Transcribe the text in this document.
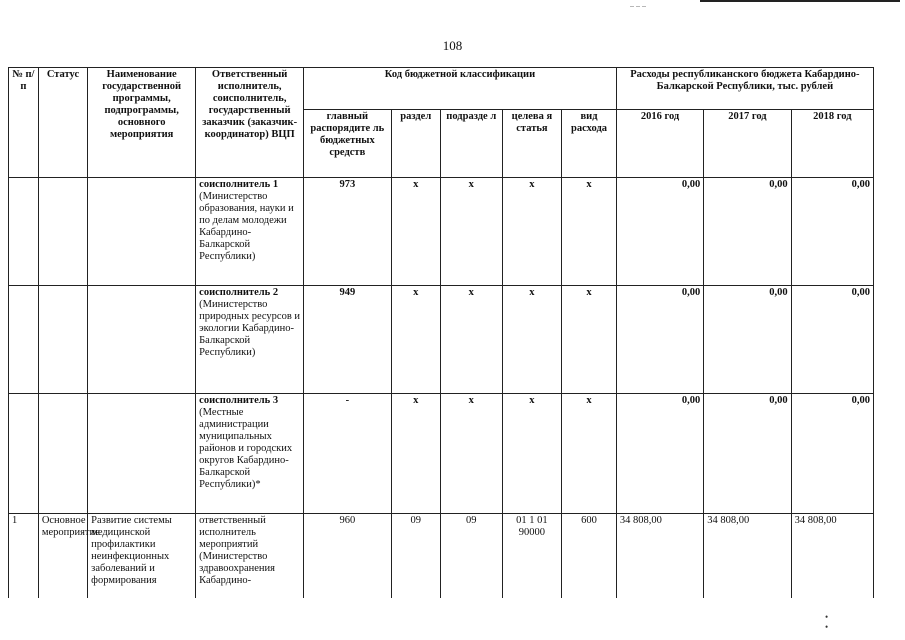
.. .. ..
108
№ п/п	Статус	Наименование государственной программы, подпрограммы, основного мероприятия	Ответственный исполнитель, соисполнитель, государственный заказчик (заказчик-координатор) ВЦП	Код бюджетной классификации					Расходы республиканского бюджета Кабардино-Балкарской Республики, тыс. рублей		
				главный распорядите ль бюджетных средств	раздел	подразде л	целева я статья	вид расхода	2016 год	2017 год	2018 год
			соисполнитель 1 (Министерство образования, науки и по делам молодежи Кабардино-Балкарской Республики)	973	x	x	x	x	0,00	0,00	0,00
			соисполнитель 2 (Министерство природных ресурсов и экологии Кабардино-Балкарской Республики)	949	x	x	x	x	0,00	0,00	0,00
			соисполнитель 3 (Местные администрации муниципальных районов и городских округов Кабардино-Балкарской Республики)*	-	x	x	x	x	0,00	0,00	0,00
1	Основное мероприятие	Развитие системы медицинской профилактики неинфекционных заболеваний и формирования	ответственный исполнитель мероприятий (Министерство здравоохранения Кабардино-	960	09	09	01 1 01 90000	600	34 808,00	34 808,00	34 808,00
• •
